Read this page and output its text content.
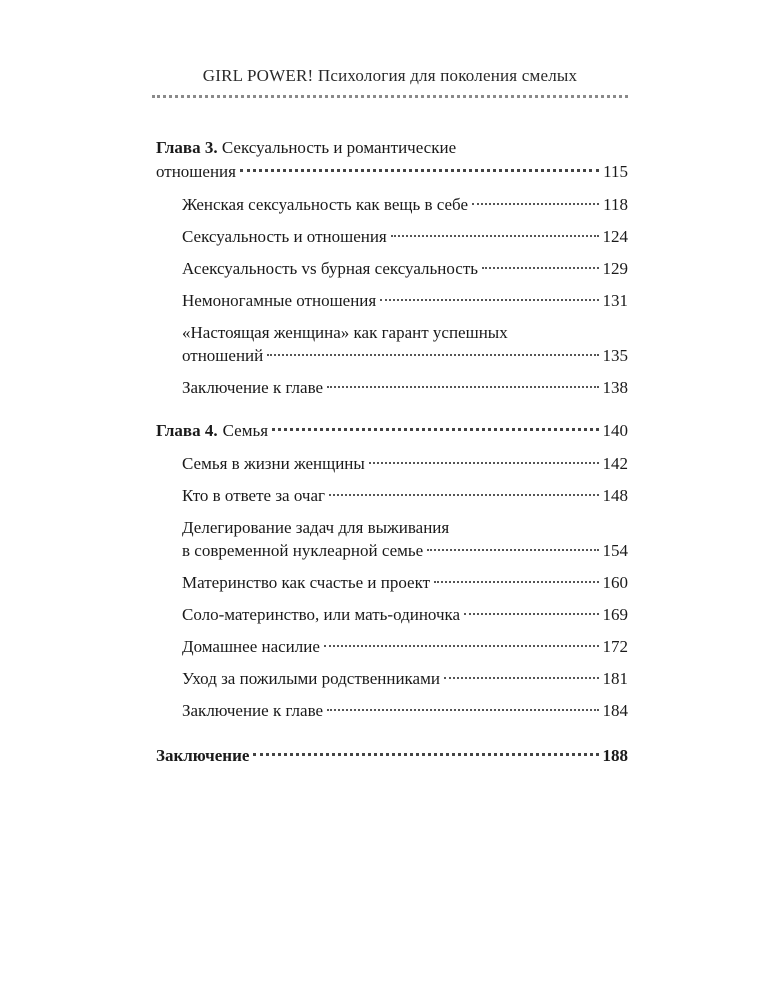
GIRL POWER! Психология для поколения смелых
Глава 3. Сексуальность и романтические
отношения	115
Женская сексуальность как вещь в себе	118
Сексуальность и отношения	124
Асексуальность vs бурная сексуальность	129
Немоногамные отношения	131
«Настоящая женщина» как гарант успешных
отношений	135
Заключение к главе	138
Глава 4. Семья	140
Семья в жизни женщины	142
Кто в ответе за очаг	148
Делегирование задач для выживания
в современной нуклеарной семье	154
Материнство как счастье и проект	160
Соло-материнство, или мать-одиночка	169
Домашнее насилие	172
Уход за пожилыми родственниками	181
Заключение к главе	184
Заключение	188
